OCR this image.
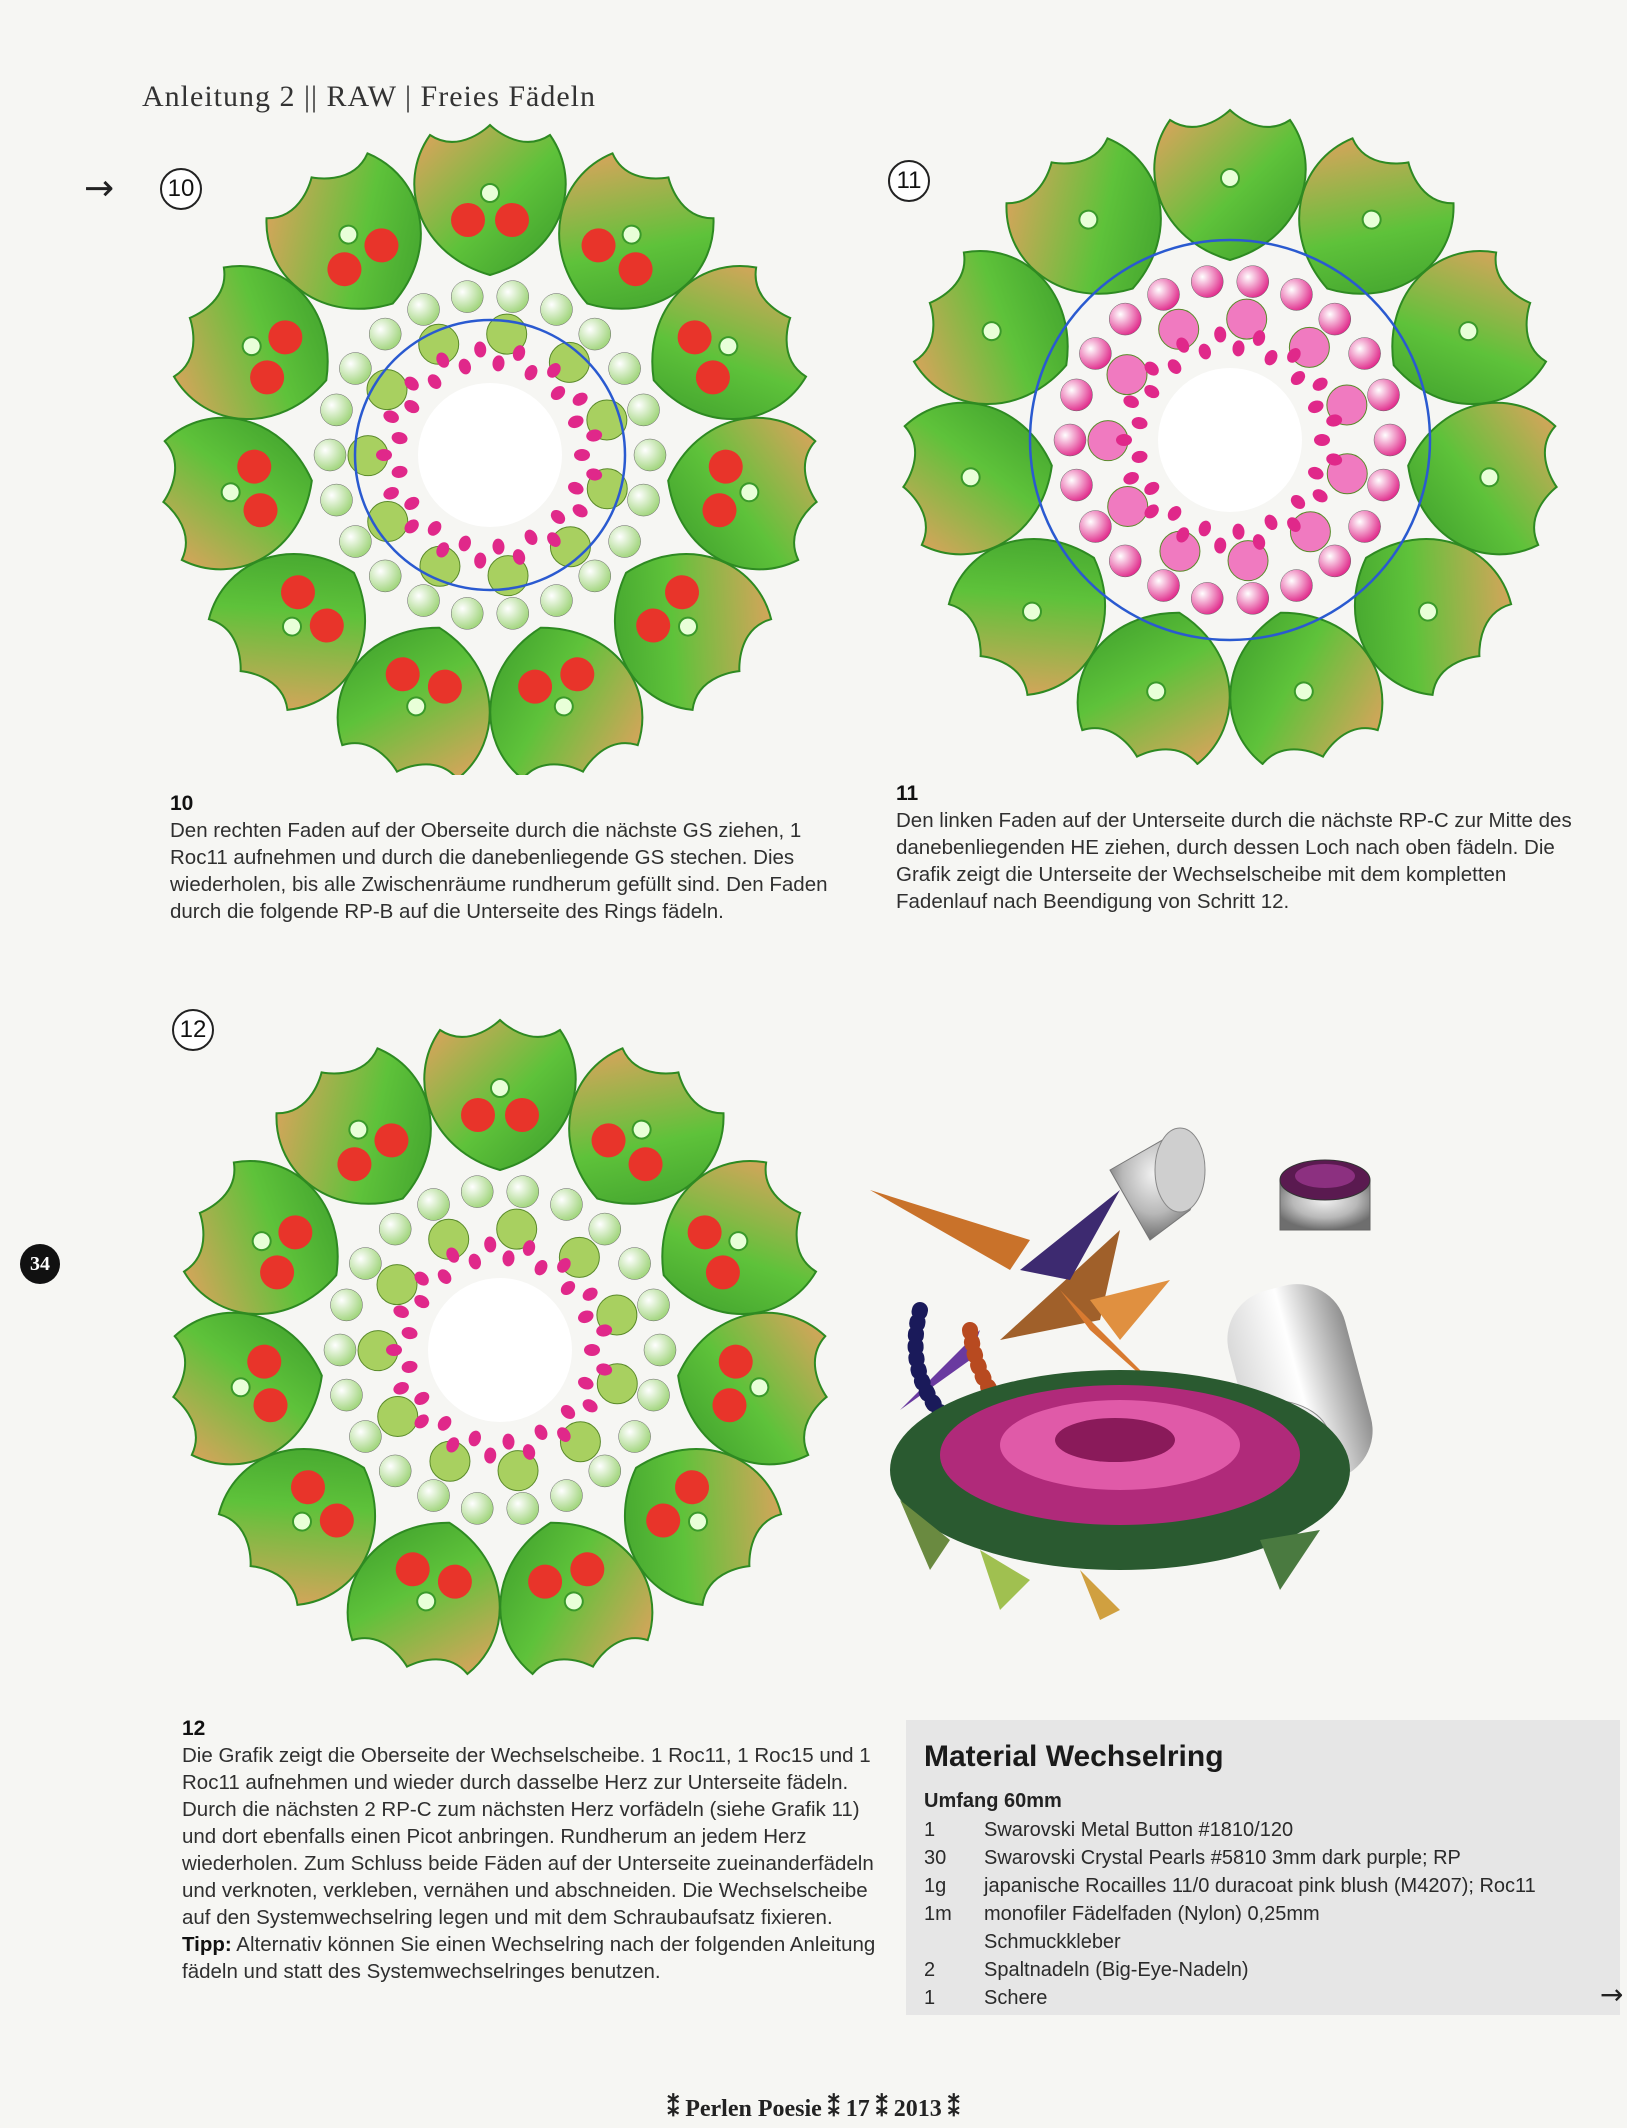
Anleitung 2 || RAW | Freies Fädeln
→
34
10
10
Den rechten Faden auf der Oberseite durch die nächste GS ziehen, 1 Roc11 aufnehmen und durch die danebenliegende GS stechen. Dies wiederholen, bis alle Zwischenräume rundherum gefüllt sind. Den Faden durch die folgende RP-B auf die Unterseite des Rings fädeln.
11
11
Den linken Faden auf der Unterseite durch die nächste RP-C zur Mitte des danebenliegenden HE ziehen, durch dessen Loch nach oben fädeln. Die Grafik zeigt die Unterseite der Wechselscheibe mit dem kompletten Fadenlauf nach Beendigung von Schritt 12.
12
12
Die Grafik zeigt die Oberseite der Wechselscheibe. 1 Roc11, 1 Roc15 und 1 Roc11 aufnehmen und wieder durch dasselbe Herz zur Unterseite fädeln. Durch die nächsten 2 RP-C zum nächsten Herz vorfädeln (siehe Grafik 11) und dort ebenfalls einen Picot anbringen. Rundherum an jedem Herz wiederholen. Zum Schluss beide Fäden auf der Unterseite zueinanderfädeln und verknoten, verkleben, vernähen und abschneiden. Die Wechselscheibe auf den Systemwechselring legen und mit dem Schraubaufsatz fixieren.
Tipp: Alternativ können Sie einen Wechselring nach der folgenden Anleitung fädeln und statt des Systemwechselringes benutzen.
Material Wechselring
Umfang 60mm
1	Swarovski Metal Button #1810/120
30	Swarovski Crystal Pearls #5810 3mm dark purple; RP
1g	japanische Rocailles 11/0 duracoat pink blush (M4207); Roc11
1m	monofiler Fädelfaden (Nylon) 0,25mm
Schmuckkleber
2	Spaltnadeln (Big-Eye-Nadeln)
1	Schere	→
⁑ Perlen Poesie ⁑ 17 ⁑ 2013 ⁑
